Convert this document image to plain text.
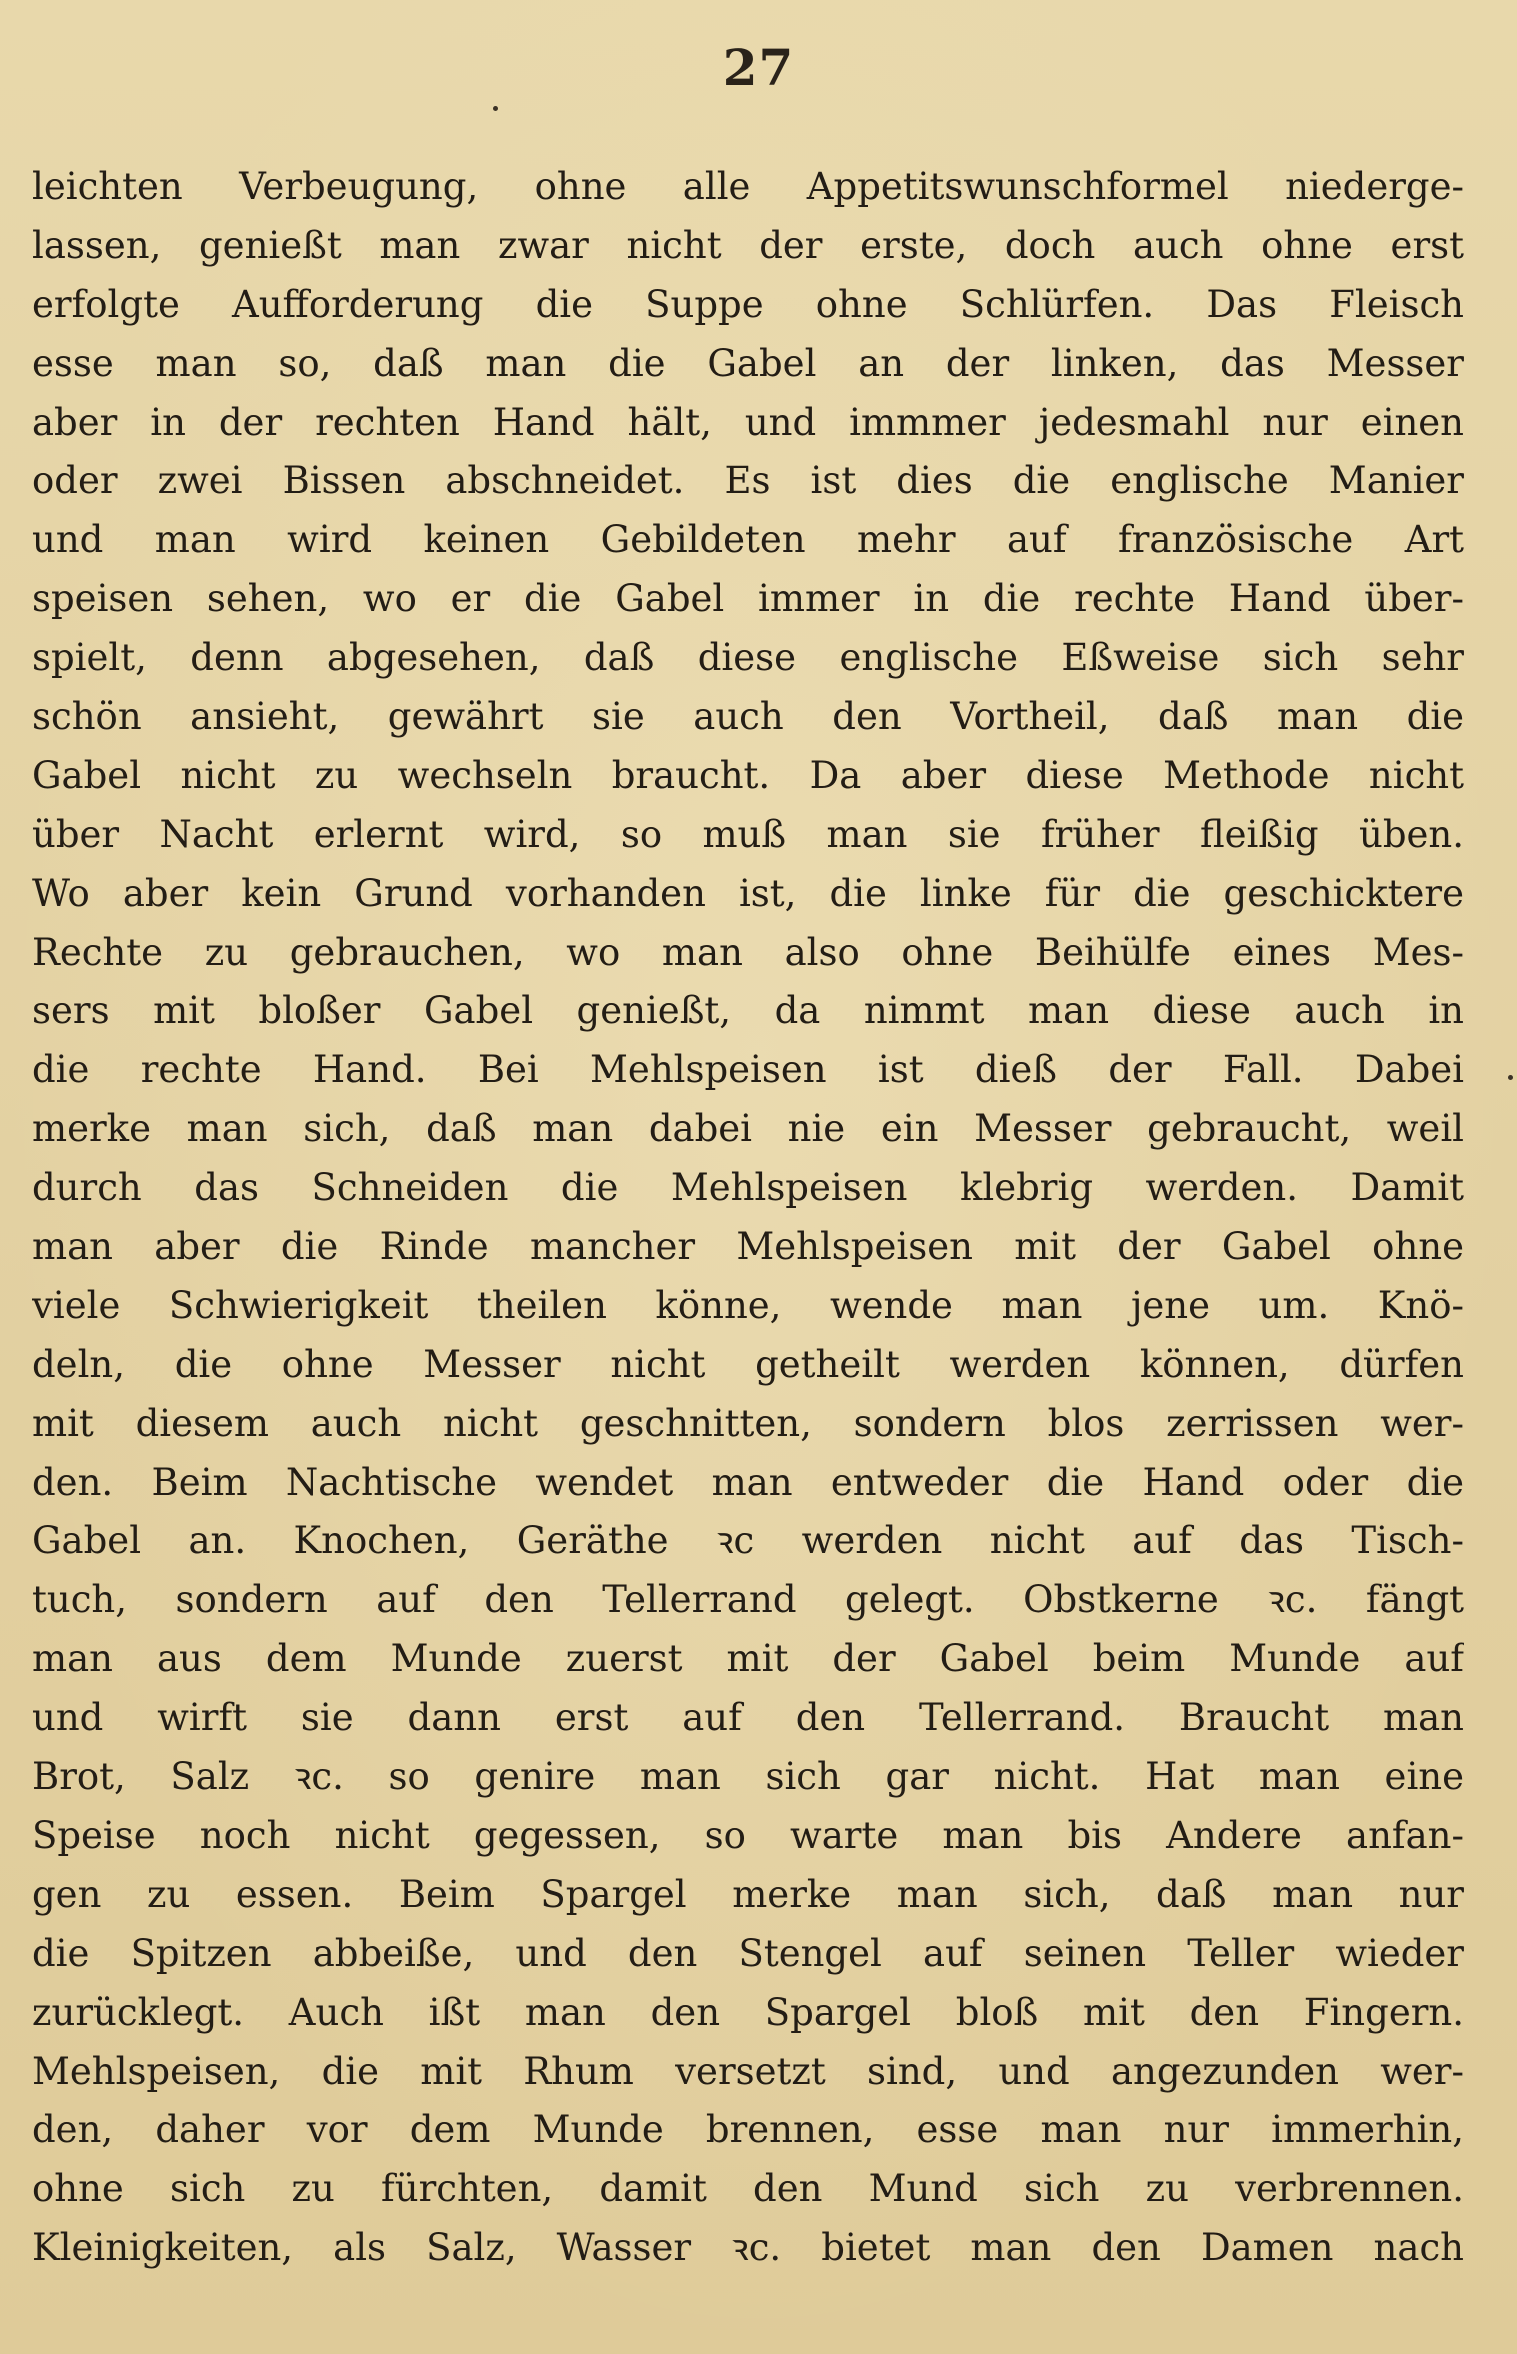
27
leichten Verbeugung, ohne alle Appetitswunschformel niederge-
lassen, genießt man zwar nicht der erste, doch auch ohne erst
erfolgte Aufforderung die Suppe ohne Schlürfen. Das Fleisch
esse man so, daß man die Gabel an der linken, das Messer
aber in der rechten Hand hält, und immmer jedesmahl nur einen
oder zwei Bissen abschneidet. Es ist dies die englische Manier
und man wird keinen Gebildeten mehr auf französische Art
speisen sehen, wo er die Gabel immer in die rechte Hand über-
spielt, denn abgesehen, daß diese englische Eßweise sich sehr
schön ansieht, gewährt sie auch den Vortheil, daß man die
Gabel nicht zu wechseln braucht. Da aber diese Methode nicht
über Nacht erlernt wird, so muß man sie früher fleißig üben.
Wo aber kein Grund vorhanden ist, die linke für die geschicktere
Rechte zu gebrauchen, wo man also ohne Beihülfe eines Mes-
sers mit bloßer Gabel genießt, da nimmt man diese auch in
die rechte Hand. Bei Mehlspeisen ist dieß der Fall. Dabei
merke man sich, daß man dabei nie ein Messer gebraucht, weil
durch das Schneiden die Mehlspeisen klebrig werden. Damit
man aber die Rinde mancher Mehlspeisen mit der Gabel ohne
viele Schwierigkeit theilen könne, wende man jene um. Knö-
deln, die ohne Messer nicht getheilt werden können, dürfen
mit diesem auch nicht geschnitten, sondern blos zerrissen wer-
den. Beim Nachtische wendet man entweder die Hand oder die
Gabel an. Knochen, Geräthe ꝛc werden nicht auf das Tisch-
tuch, sondern auf den Tellerrand gelegt. Obstkerne ꝛc. fängt
man aus dem Munde zuerst mit der Gabel beim Munde auf
und wirft sie dann erst auf den Tellerrand. Braucht man
Brot, Salz ꝛc. so genire man sich gar nicht. Hat man eine
Speise noch nicht gegessen, so warte man bis Andere anfan-
gen zu essen. Beim Spargel merke man sich, daß man nur
die Spitzen abbeiße, und den Stengel auf seinen Teller wieder
zurücklegt. Auch ißt man den Spargel bloß mit den Fingern.
Mehlspeisen, die mit Rhum versetzt sind, und angezunden wer-
den, daher vor dem Munde brennen, esse man nur immerhin,
ohne sich zu fürchten, damit den Mund sich zu verbrennen.
Kleinigkeiten, als Salz, Wasser ꝛc. bietet man den Damen nach
